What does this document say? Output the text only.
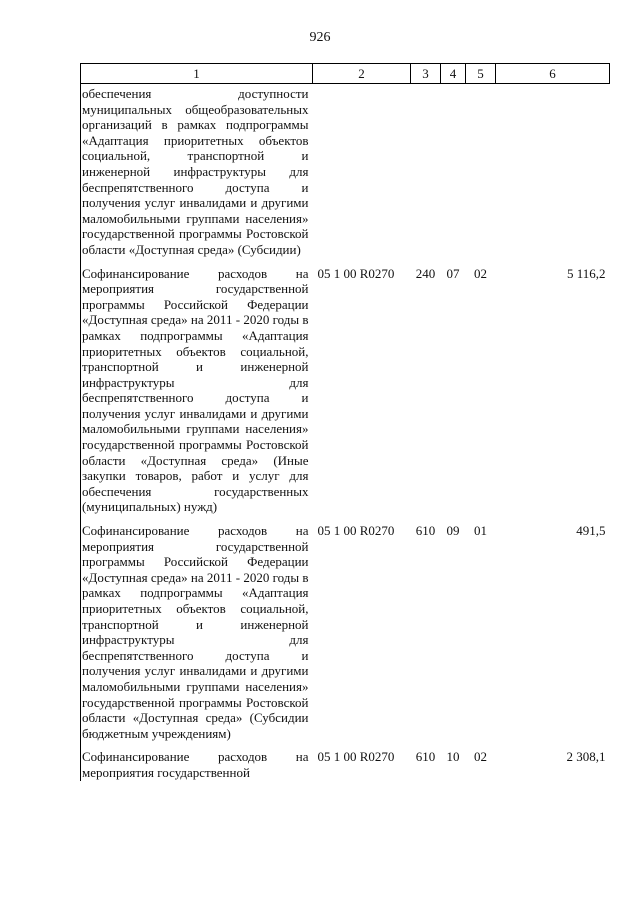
926
1	2	3	4	5	6
обеспечения доступности муниципальных общеобразовательных организаций в рамках подпрограммы «Адаптация приоритетных объектов социальной, транспортной и инженерной инфраструктуры для беспрепятственного доступа и получения услуг инвалидами и другими маломобильными группами населения» государственной программы Ростовской области «Доступная среда» (Субсидии)					
Софинансирование расходов на мероприятия государственной программы Российской Федерации «Доступная среда» на 2011 - 2020 годы в рамках подпрограммы «Адаптация приоритетных объектов социальной, транспортной и инженерной инфраструктуры для беспрепятственного доступа и получения услуг инвалидами и другими маломобильными группами населения» государственной программы Ростовской области «Доступная среда» (Иные закупки товаров, работ и услуг для обеспечения государственных (муниципальных) нужд)	05 1 00 R0270	240	07	02	5 116,2
Софинансирование расходов на мероприятия государственной программы Российской Федерации «Доступная среда» на 2011 - 2020 годы в рамках подпрограммы «Адаптация приоритетных объектов социальной, транспортной и инженерной инфраструктуры для беспрепятственного доступа и получения услуг инвалидами и другими маломобильными группами населения» государственной программы Ростовской области «Доступная среда» (Субсидии бюджетным учреждениям)	05 1 00 R0270	610	09	01	491,5
Софинансирование расходов на мероприятия государственной	05 1 00 R0270	610	10	02	2 308,1
